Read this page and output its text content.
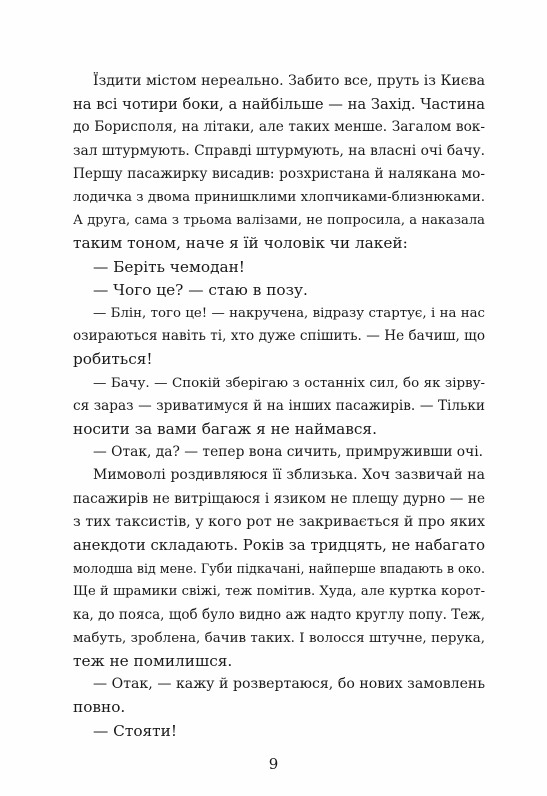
Їздити містом нереально. Забито все, пруть із Києва
на всі чотири боки, а найбільше — на Захід. Частина
до Борисполя, на літаки, але таких менше. Загалом вок-
зал штурмують. Справді штурмують, на власні очі бачу.
Першу пасажирку висадив: розхристана й налякана мо-
лодичка з двома принишклими хлопчиками-близнюками.
А друга, сама з трьома валізами, не попросила, а наказала
таким тоном, наче я їй чоловік чи лакей:
— Беріть чемодан!
— Чого це? — стаю в позу.
— Блін, того це! — накручена, відразу стартує, і на нас
озираються навіть ті, хто дуже спішить. — Не бачиш, що
робиться!
— Бачу. — Спокій зберігаю з останніх сил, бо як зірву-
ся зараз — зриватимуся й на інших пасажирів. — Тільки
носити за вами багаж я не наймався.
— Отак, да? — тепер вона сичить, примруживши очі.
Мимоволі роздивляюся її зблизька. Хоч зазвичай на
пасажирів не витріщаюся і язиком не плещу дурно — не
з тих таксистів, у кого рот не закривається й про яких
анекдоти складають. Років за тридцять, не набагато
молодша від мене. Губи підкачані, найперше впадають в око.
Ще й шрамики свіжі, теж помітив. Худа, але куртка корот-
ка, до пояса, щоб було видно аж надто круглу попу. Теж,
мабуть, зроблена, бачив таких. І волосся штучне, перука,
теж не помилишся.
— Отак, — кажу й розвертаюся, бо нових замовлень
повно.
— Стояти!
9
